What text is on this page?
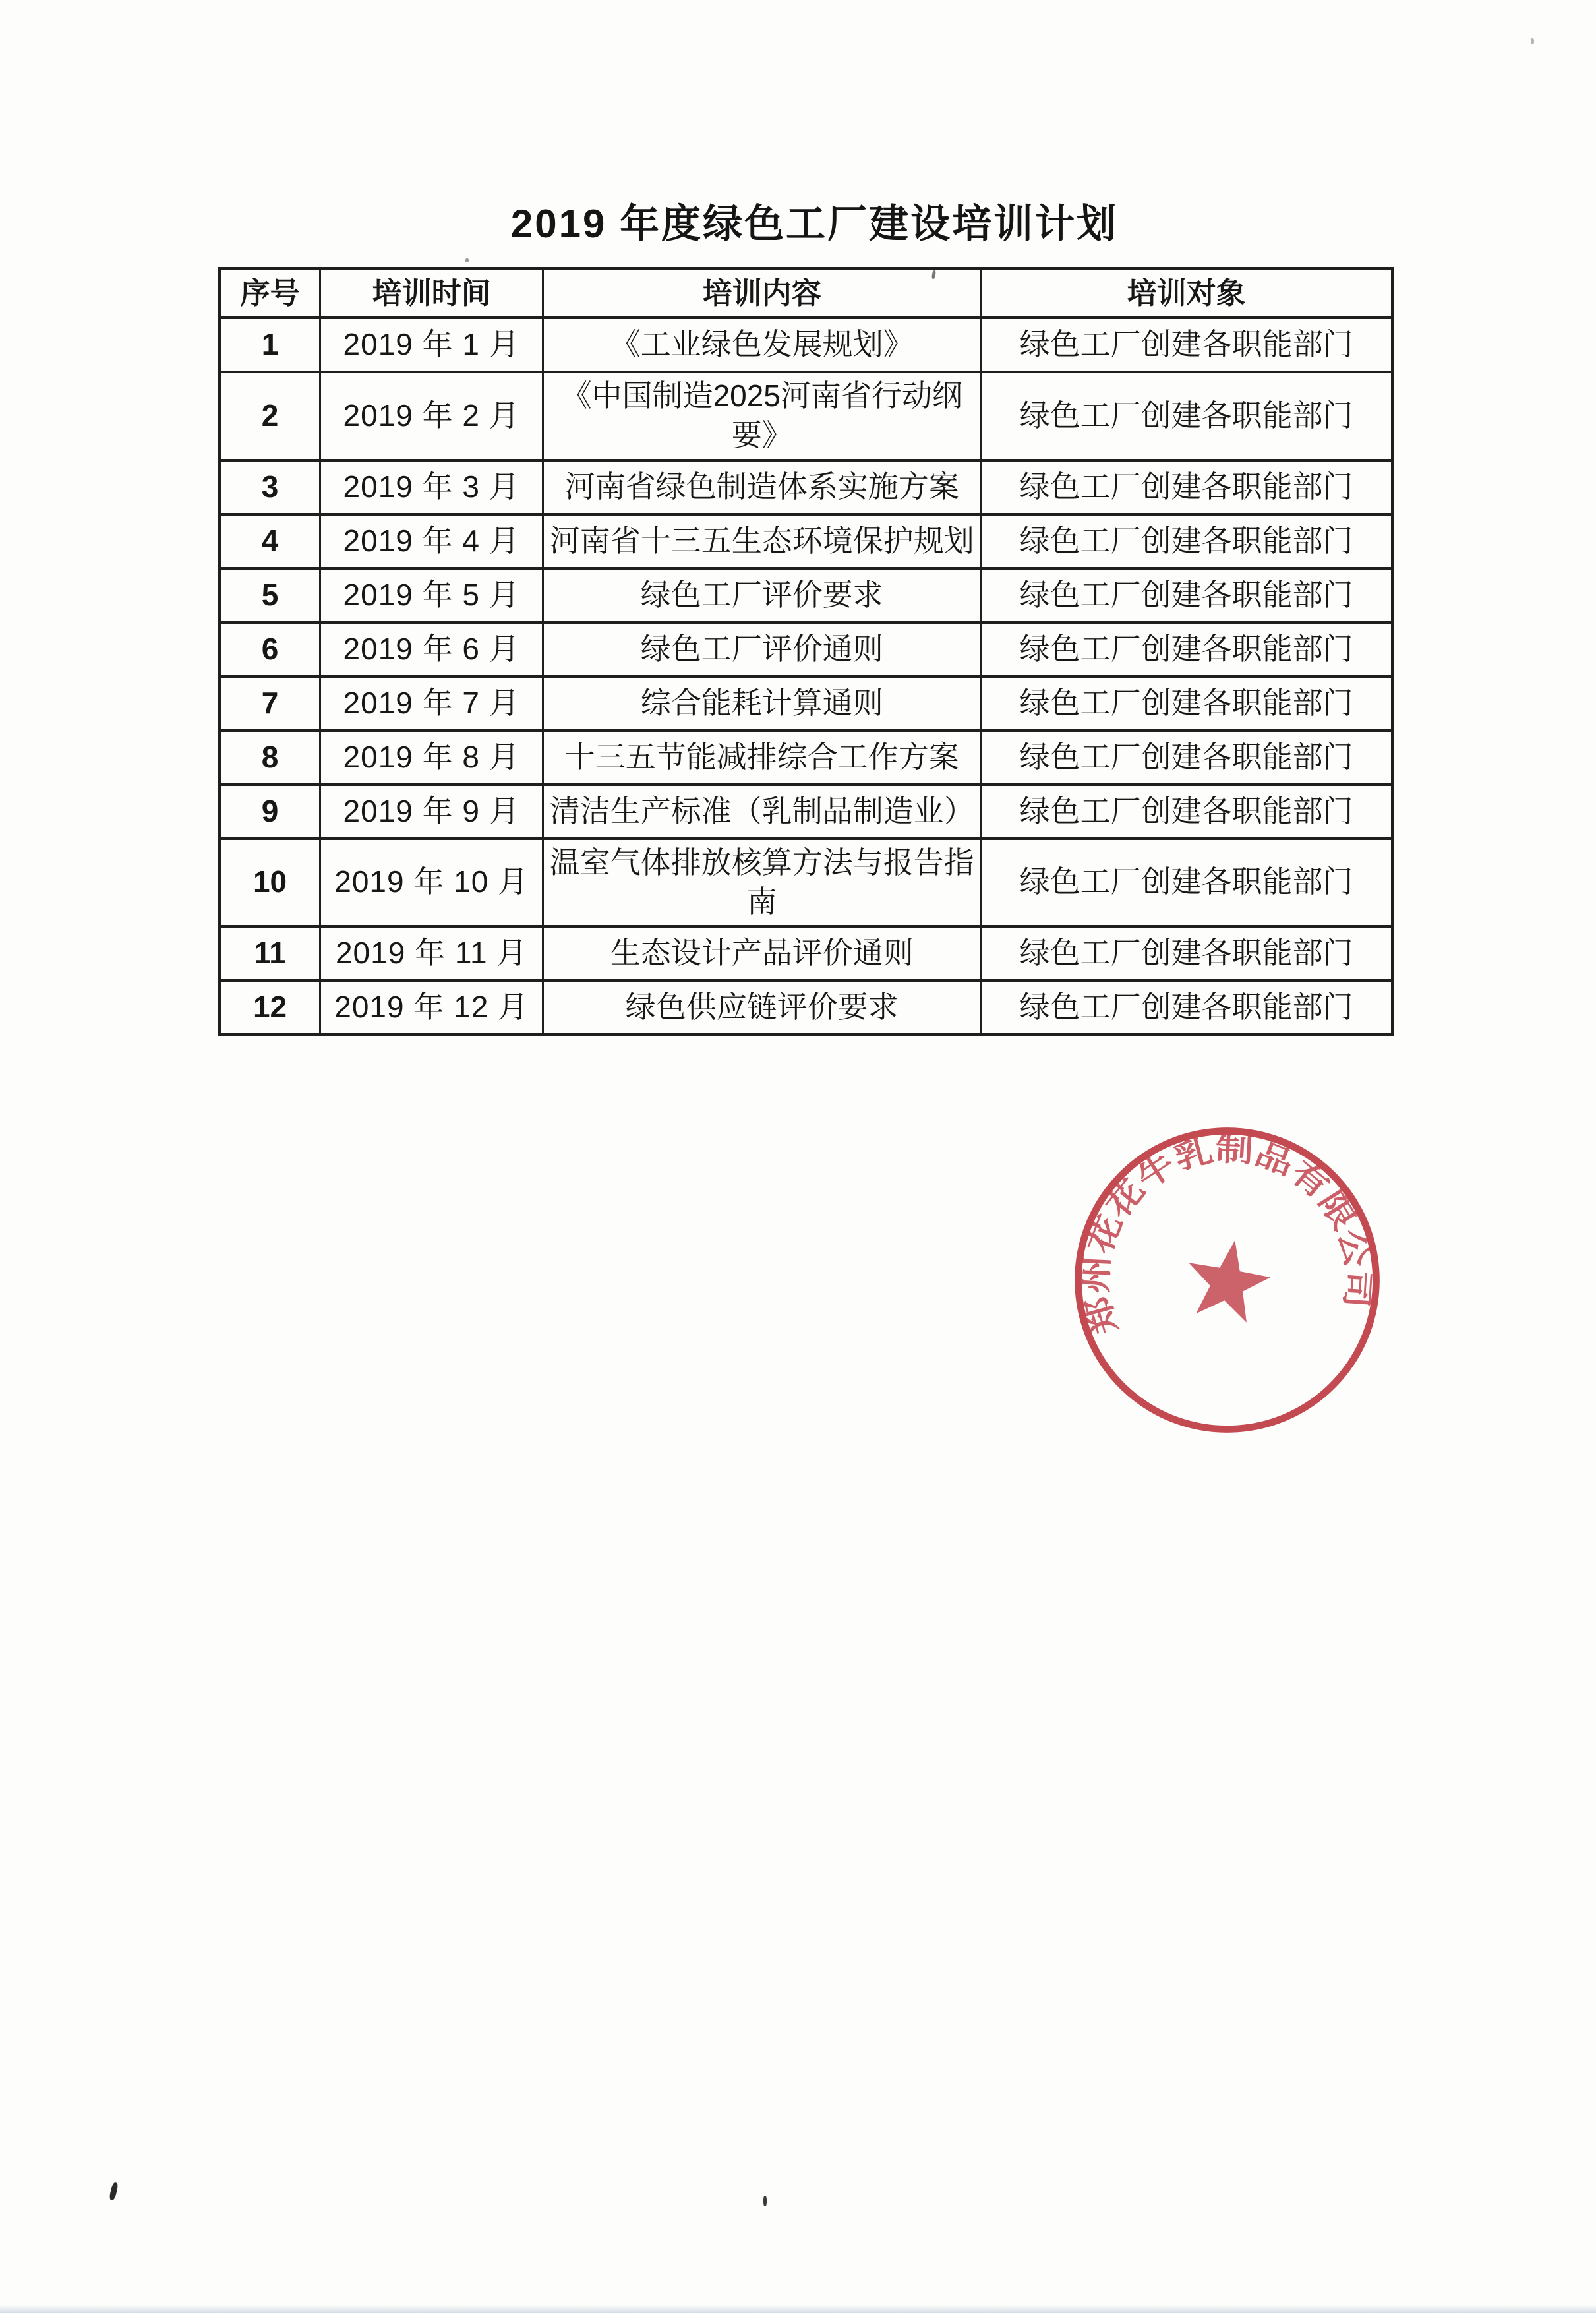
2019 年度绿色工厂建设培训计划
序号	培训时间	培训内容	培训对象
1	2019 年 1 月	《工业绿色发展规划》	绿色工厂创建各职能部门
2	2019 年 2 月	《中国制造2025河南省行动纲要》	绿色工厂创建各职能部门
3	2019 年 3 月	河南省绿色制造体系实施方案	绿色工厂创建各职能部门
4	2019 年 4 月	河南省十三五生态环境保护规划	绿色工厂创建各职能部门
5	2019 年 5 月	绿色工厂评价要求	绿色工厂创建各职能部门
6	2019 年 6 月	绿色工厂评价通则	绿色工厂创建各职能部门
7	2019 年 7 月	综合能耗计算通则	绿色工厂创建各职能部门
8	2019 年 8 月	十三五节能减排综合工作方案	绿色工厂创建各职能部门
9	2019 年 9 月	清洁生产标准（乳制品制造业）	绿色工厂创建各职能部门
10	2019 年 10 月	温室气体排放核算方法与报告指南	绿色工厂创建各职能部门
11	2019 年 11 月	生态设计产品评价通则	绿色工厂创建各职能部门
12	2019 年 12 月	绿色供应链评价要求	绿色工厂创建各职能部门
郑州花花牛乳制品有限公司
